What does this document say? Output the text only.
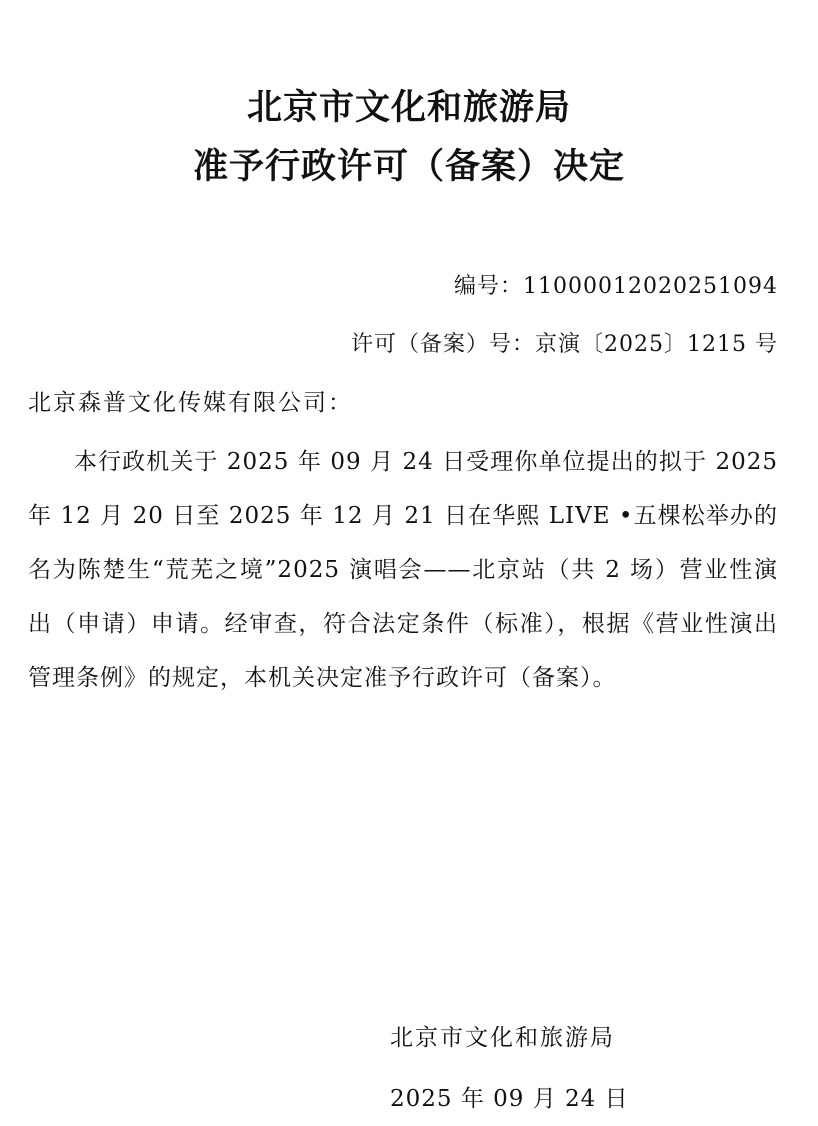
北京市文化和旅游局
准予行政许可（备案）决定
编号：11000012020251094
许可（备案）号：京演〔2025〕1215 号
北京森普文化传媒有限公司：
本行政机关于 2025 年 09 月 24 日受理你单位提出的拟于 2025 年 12 月 20 日至 2025 年 12 月 21 日在华熙 LIVE •五棵松举办的名为陈楚生“荒芜之境”2025 演唱会——北京站（共 2 场）营业性演出（申请）申请。经审查，符合法定条件（标准），根据《营业性演出管理条例》的规定，本机关决定准予行政许可（备案）。
北京市文化和旅游局
2025 年 09 月 24 日
